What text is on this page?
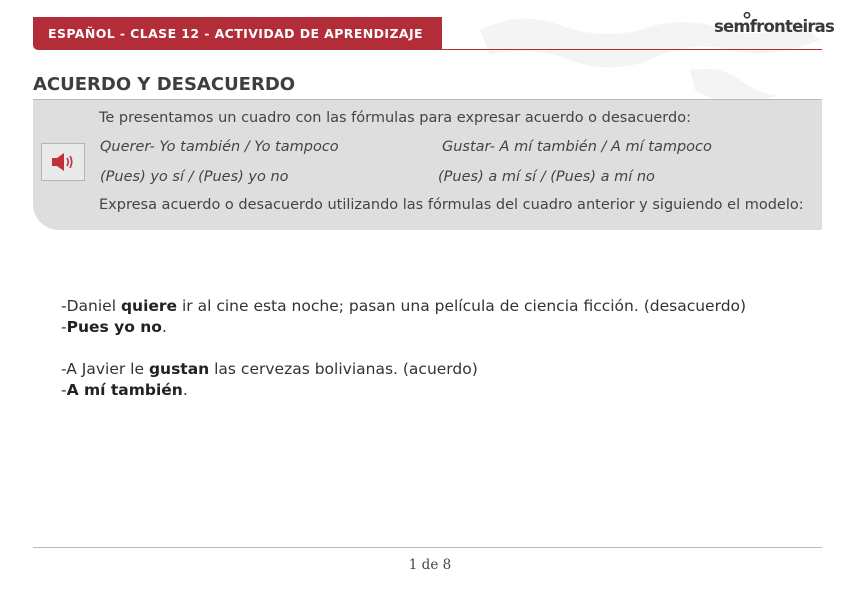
ESPAÑOL - CLASE 12 - ACTIVIDAD DE APRENDIZAJE	semfronteiras
ACUERDO Y DESACUERDO
Te presentamos un cuadro con las fórmulas para expresar acuerdo o desacuerdo:
Querer- Yo también / Yo tampoco	Gustar- A mí también / A mí tampoco
(Pues) yo sí / (Pues) yo no	(Pues) a mí sí / (Pues) a mí no
Expresa acuerdo o desacuerdo utilizando las fórmulas del cuadro anterior y siguiendo el modelo:
-Daniel quiere ir al cine esta noche; pasan una película de ciencia ficción. (desacuerdo)
-Pues yo no.
-A Javier le gustan las cervezas bolivianas. (acuerdo)
-A mí también.
1 de 8
